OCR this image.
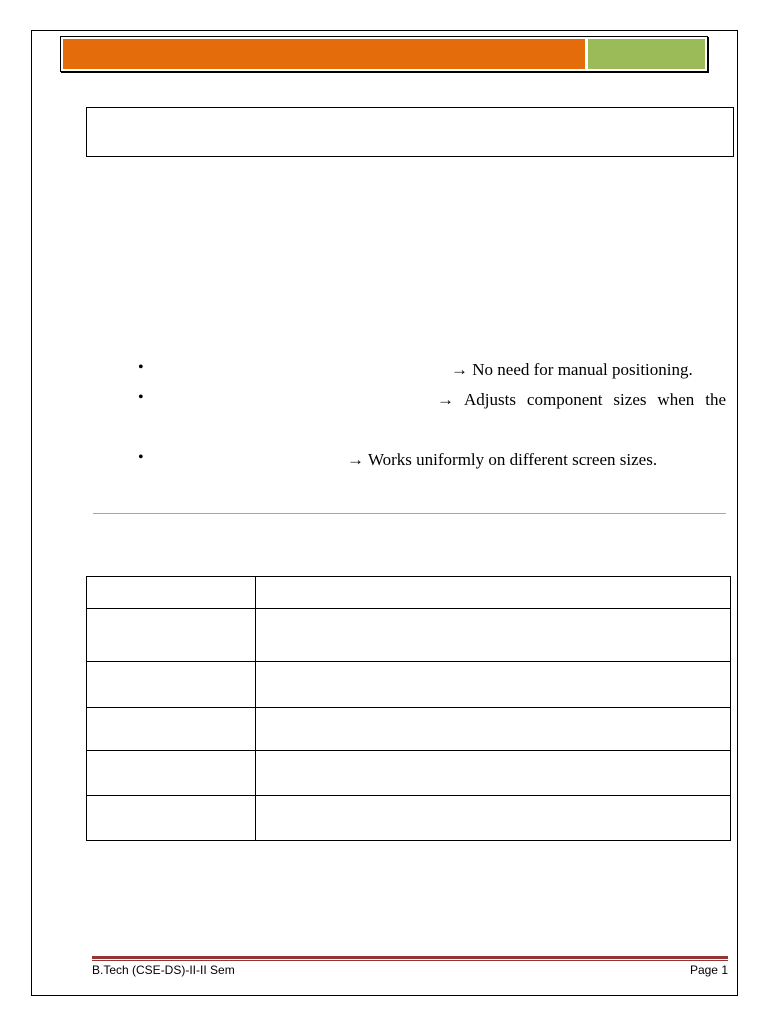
•	→ No need for manual positioning.
•	→ Adjusts component sizes when the
•	→ Works uniformly on different screen sizes.

B.Tech (CSE-DS)-II-II Sem	Page 1
